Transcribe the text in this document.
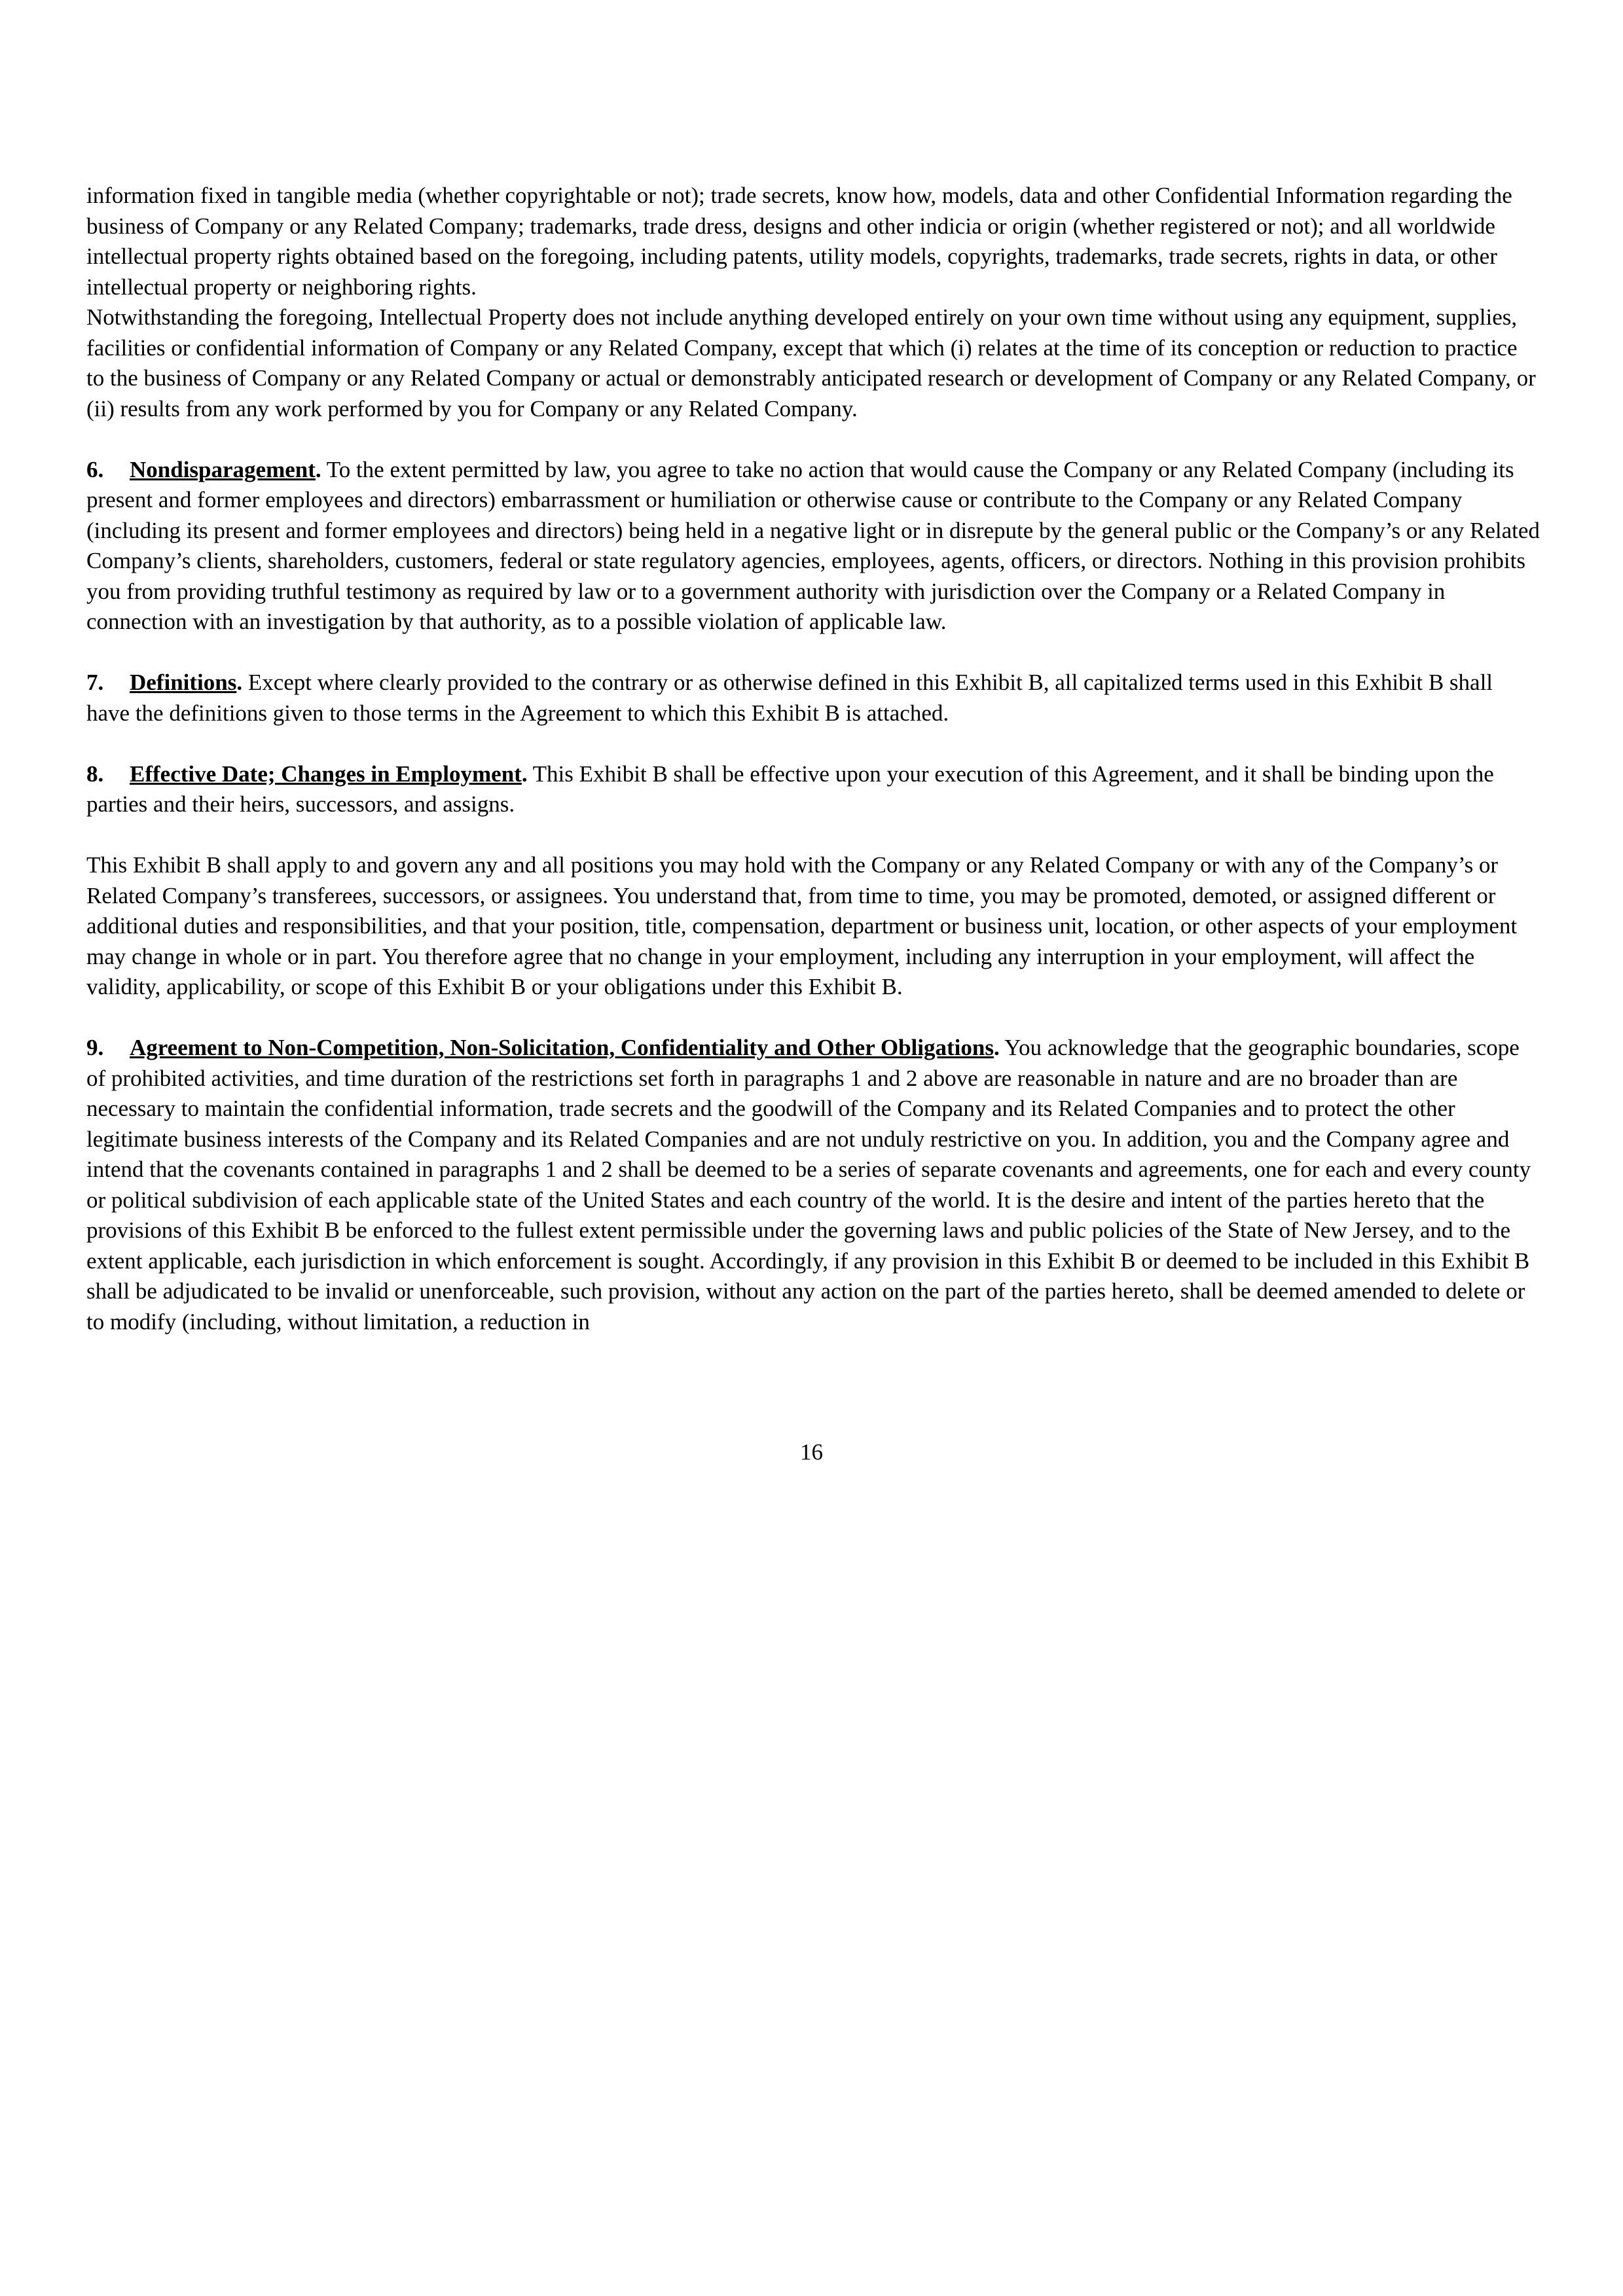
information fixed in tangible media (whether copyrightable or not); trade secrets, know how, models, data and other Confidential Information regarding the business of Company or any Related Company; trademarks, trade dress, designs and other indicia or origin (whether registered or not); and all worldwide intellectual property rights obtained based on the foregoing, including patents, utility models, copyrights, trademarks, trade secrets, rights in data, or other intellectual property or neighboring rights.

Notwithstanding the foregoing, Intellectual Property does not include anything developed entirely on your own time without using any equipment, supplies, facilities or confidential information of Company or any Related Company, except that which (i) relates at the time of its conception or reduction to practice to the business of Company or any Related Company or actual or demonstrably anticipated research or development of Company or any Related Company, or (ii) results from any work performed by you for Company or any Related Company.

6. Nondisparagement. To the extent permitted by law, you agree to take no action that would cause the Company or any Related Company (including its present and former employees and directors) embarrassment or humiliation or otherwise cause or contribute to the Company or any Related Company (including its present and former employees and directors) being held in a negative light or in disrepute by the general public or the Company’s or any Related Company’s clients, shareholders, customers, federal or state regulatory agencies, employees, agents, officers, or directors. Nothing in this provision prohibits you from providing truthful testimony as required by law or to a government authority with jurisdiction over the Company or a Related Company in connection with an investigation by that authority, as to a possible violation of applicable law.

7. Definitions. Except where clearly provided to the contrary or as otherwise defined in this Exhibit B, all capitalized terms used in this Exhibit B shall have the definitions given to those terms in the Agreement to which this Exhibit B is attached.

8. Effective Date; Changes in Employment. This Exhibit B shall be effective upon your execution of this Agreement, and it shall be binding upon the parties and their heirs, successors, and assigns.

This Exhibit B shall apply to and govern any and all positions you may hold with the Company or any Related Company or with any of the Company’s or Related Company’s transferees, successors, or assignees. You understand that, from time to time, you may be promoted, demoted, or assigned different or additional duties and responsibilities, and that your position, title, compensation, department or business unit, location, or other aspects of your employment may change in whole or in part. You therefore agree that no change in your employment, including any interruption in your employment, will affect the validity, applicability, or scope of this Exhibit B or your obligations under this Exhibit B.

9. Agreement to Non-Competition, Non-Solicitation, Confidentiality and Other Obligations. You acknowledge that the geographic boundaries, scope of prohibited activities, and time duration of the restrictions set forth in paragraphs 1 and 2 above are reasonable in nature and are no broader than are necessary to maintain the confidential information, trade secrets and the goodwill of the Company and its Related Companies and to protect the other legitimate business interests of the Company and its Related Companies and are not unduly restrictive on you. In addition, you and the Company agree and intend that the covenants contained in paragraphs 1 and 2 shall be deemed to be a series of separate covenants and agreements, one for each and every county or political subdivision of each applicable state of the United States and each country of the world. It is the desire and intent of the parties hereto that the provisions of this Exhibit B be enforced to the fullest extent permissible under the governing laws and public policies of the State of New Jersey, and to the extent applicable, each jurisdiction in which enforcement is sought. Accordingly, if any provision in this Exhibit B or deemed to be included in this Exhibit B shall be adjudicated to be invalid or unenforceable, such provision, without any action on the part of the parties hereto, shall be deemed amended to delete or to modify (including, without limitation, a reduction in

16
